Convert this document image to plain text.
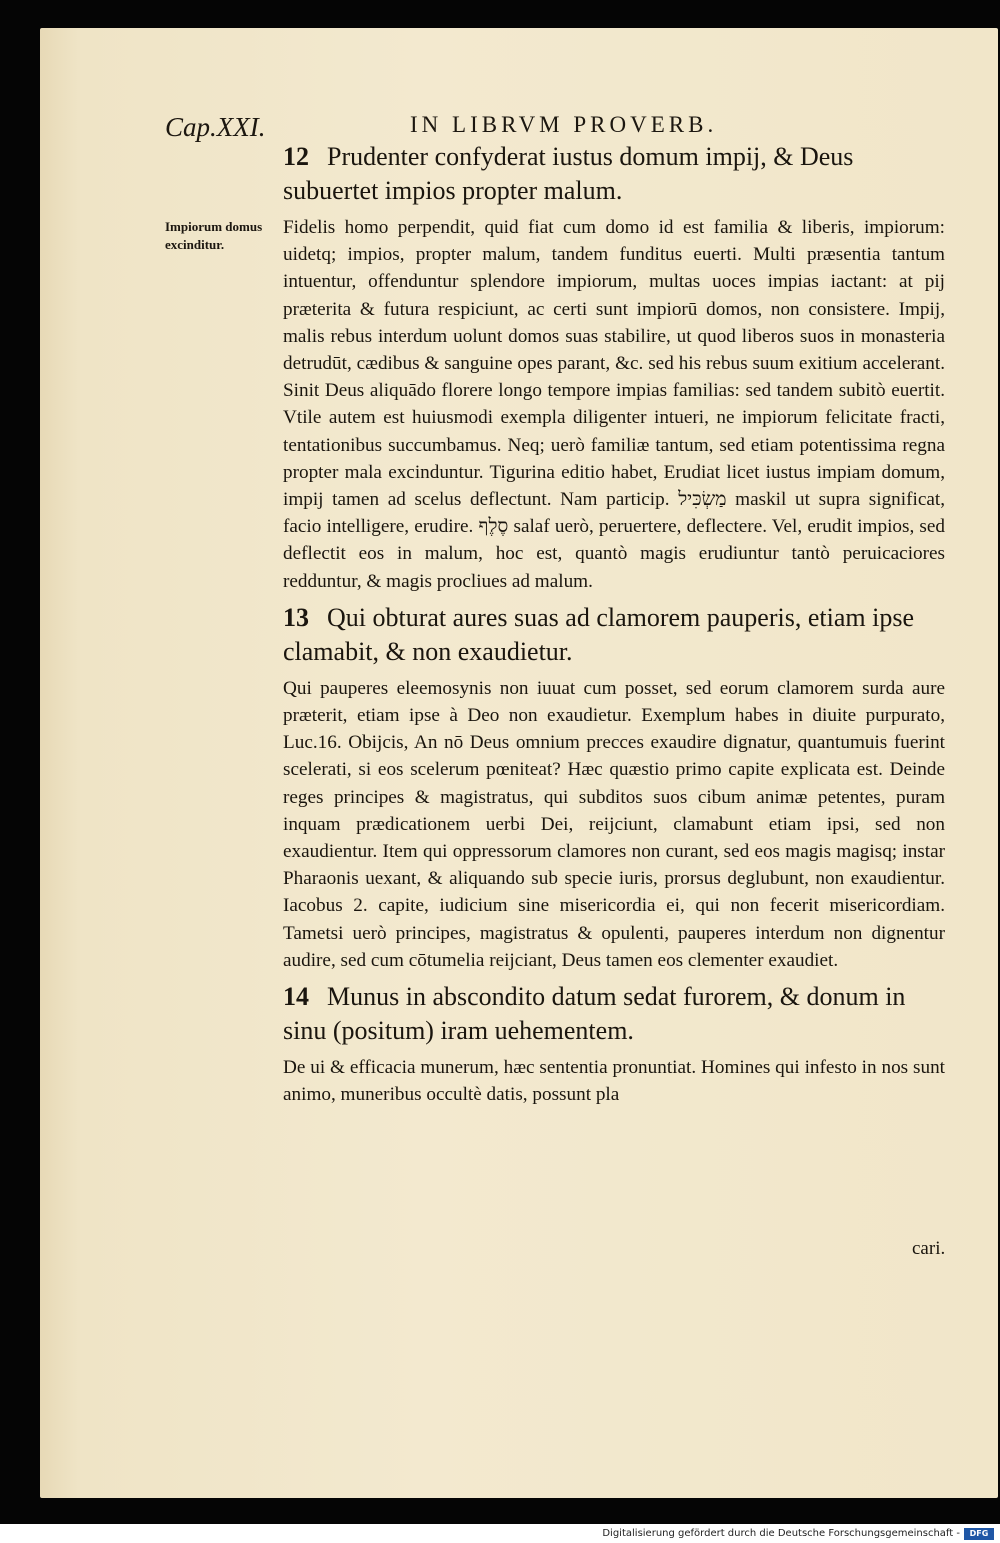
Cap.XXI.	IN LIBRVM PROVERB.
Impiorum domus excinditur.

12 Prudenter confyderat iustus domum impij, & Deus subuertet impios propter malum.

Fidelis homo perpendit, quid fiat cum domo id est familia & liberis, impiorum: uidetq; impios, propter malum, tandem funditus euerti. Multi præsentia tantum intuentur, offenduntur splendore impiorum, multas uoces impias iactant: at pij præterita & futura respiciunt, ac certi sunt impiorū domos, non consistere. Impij, malis rebus interdum uolunt domos suas stabilire, ut quod liberos suos in monasteria detrudūt, cædibus & sanguine opes parant, &c. sed his rebus suum exitium accelerant. Sinit Deus aliquādo florere longo tempore impias familias: sed tandem subitò euertit. Vtile autem est huiusmodi exempla diligenter intueri, ne impiorum felicitate fracti, tentationibus succumbamus. Neq; uerò familiæ tantum, sed etiam potentissima regna propter mala excinduntur. Tigurina editio habet, Erudiat licet iustus impiam domum, impij tamen ad scelus deflectunt. Nam particip. מַשְׂכִּיל maskil ut supra significat, facio intelligere, erudire. סֶלֶף salaf uerò, peruertere, deflectere. Vel, erudit impios, sed deflectit eos in malum, hoc est, quantò magis erudiuntur tantò peruicaciores redduntur, & magis procliues ad malum.

13 Qui obturat aures suas ad clamorem pauperis, etiam ipse clamabit, & non exaudietur.

Qui pauperes eleemosynis non iuuat cum posset, sed eorum clamorem surda aure præterit, etiam ipse à Deo non exaudietur. Exemplum habes in diuite purpurato, Luc.16. Obijcis, An nō Deus omnium precces exaudire dignatur, quantumuis fuerint scelerati, si eos scelerum pœniteat? Hæc quæstio primo capite explicata est. Deinde reges principes & magistratus, qui subditos suos cibum animæ petentes, puram inquam prædicationem uerbi Dei, reijciunt, clamabunt etiam ipsi, sed non exaudientur. Item qui oppressorum clamores non curant, sed eos magis magisq; instar Pharaonis uexant, & aliquando sub specie iuris, prorsus deglubunt, non exaudientur. Iacobus 2. capite, iudicium sine misericordia ei, qui non fecerit misericordiam. Tametsi uerò principes, magistratus & opulenti, pauperes interdum non dignentur audire, sed cum cōtumelia reijciant, Deus tamen eos clementer exaudiet.

14 Munus in abscondito datum sedat furorem, & donum in sinu (positum) iram uehementem.

De ui & efficacia munerum, hæc sententia pronuntiat. Homines qui infesto in nos sunt animo, muneribus occultè datis, possunt pla

cari.
Digitalisierung gefördert durch die Deutsche Forschungsgemeinschaft -	DFG
